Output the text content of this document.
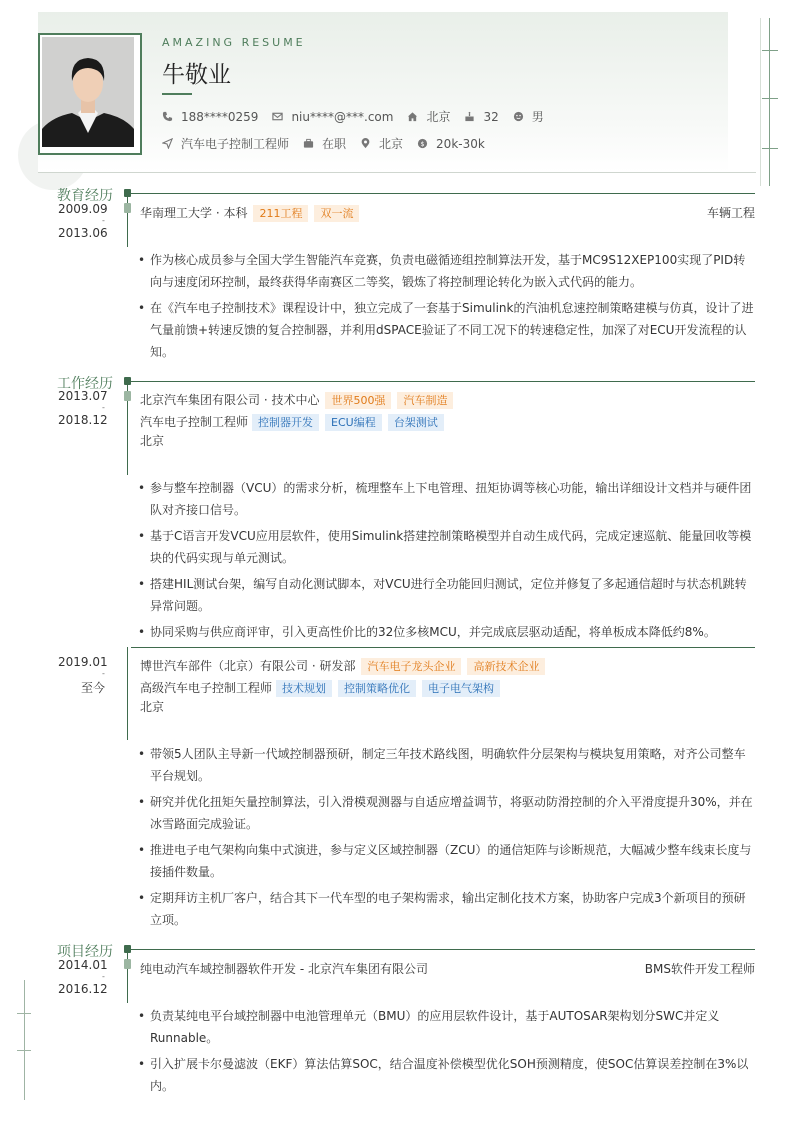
AMAZING RESUME
牛敬业
188****0259	niu****@***.com	北京	32	男
汽车电子控制工程师	在职	北京 $ 20k-30k
教育经历
2009.09
-
2013.06
华南理工大学 · 本科 211工程 双一流	车辆工程
• 作为核心成员参与全国大学生智能汽车竞赛，负责电磁循迹组控制算法开发，基于MC9S12XEP100实现了PID转向与速度闭环控制，最终获得华南赛区二等奖，锻炼了将控制理论转化为嵌入式代码的能力。
• 在《汽车电子控制技术》课程设计中，独立完成了一套基于Simulink的汽油机怠速控制策略建模与仿真，设计了进气量前馈+转速反馈的复合控制器，并利用dSPACE验证了不同工况下的转速稳定性，加深了对ECU开发流程的认知。
工作经历
2013.07
-
2018.12
北京汽车集团有限公司 · 技术中心 世界500强 汽车制造
汽车电子控制工程师 控制器开发 ECU编程 台架测试
北京
• 参与整车控制器（VCU）的需求分析，梳理整车上下电管理、扭矩协调等核心功能，输出详细设计文档并与硬件团队对齐接口信号。
• 基于C语言开发VCU应用层软件，使用Simulink搭建控制策略模型并自动生成代码，完成定速巡航、能量回收等模块的代码实现与单元测试。
• 搭建HIL测试台架，编写自动化测试脚本，对VCU进行全功能回归测试，定位并修复了多起通信超时与状态机跳转异常问题。
• 协同采购与供应商评审，引入更高性价比的32位多核MCU，并完成底层驱动适配，将单板成本降低约8%。
2019.01
-
至今
博世汽车部件（北京）有限公司 · 研发部 汽车电子龙头企业 高新技术企业
高级汽车电子控制工程师 技术规划 控制策略优化 电子电气架构
北京
• 带领5人团队主导新一代域控制器预研，制定三年技术路线图，明确软件分层架构与模块复用策略，对齐公司整车平台规划。
• 研究并优化扭矩矢量控制算法，引入滑模观测器与自适应增益调节，将驱动防滑控制的介入平滑度提升30%，并在冰雪路面完成验证。
• 推进电子电气架构向集中式演进，参与定义区域控制器（ZCU）的通信矩阵与诊断规范，大幅减少整车线束长度与接插件数量。
• 定期拜访主机厂客户，结合其下一代车型的电子架构需求，输出定制化技术方案，协助客户完成3个新项目的预研立项。
项目经历
2014.01
-
2016.12
纯电动汽车域控制器软件开发 - 北京汽车集团有限公司	BMS软件开发工程师
• 负责某纯电平台域控制器中电池管理单元（BMU）的应用层软件设计，基于AUTOSAR架构划分SWC并定义Runnable。
• 引入扩展卡尔曼滤波（EKF）算法估算SOC，结合温度补偿模型优化SOH预测精度，使SOC估算误差控制在3%以内。
